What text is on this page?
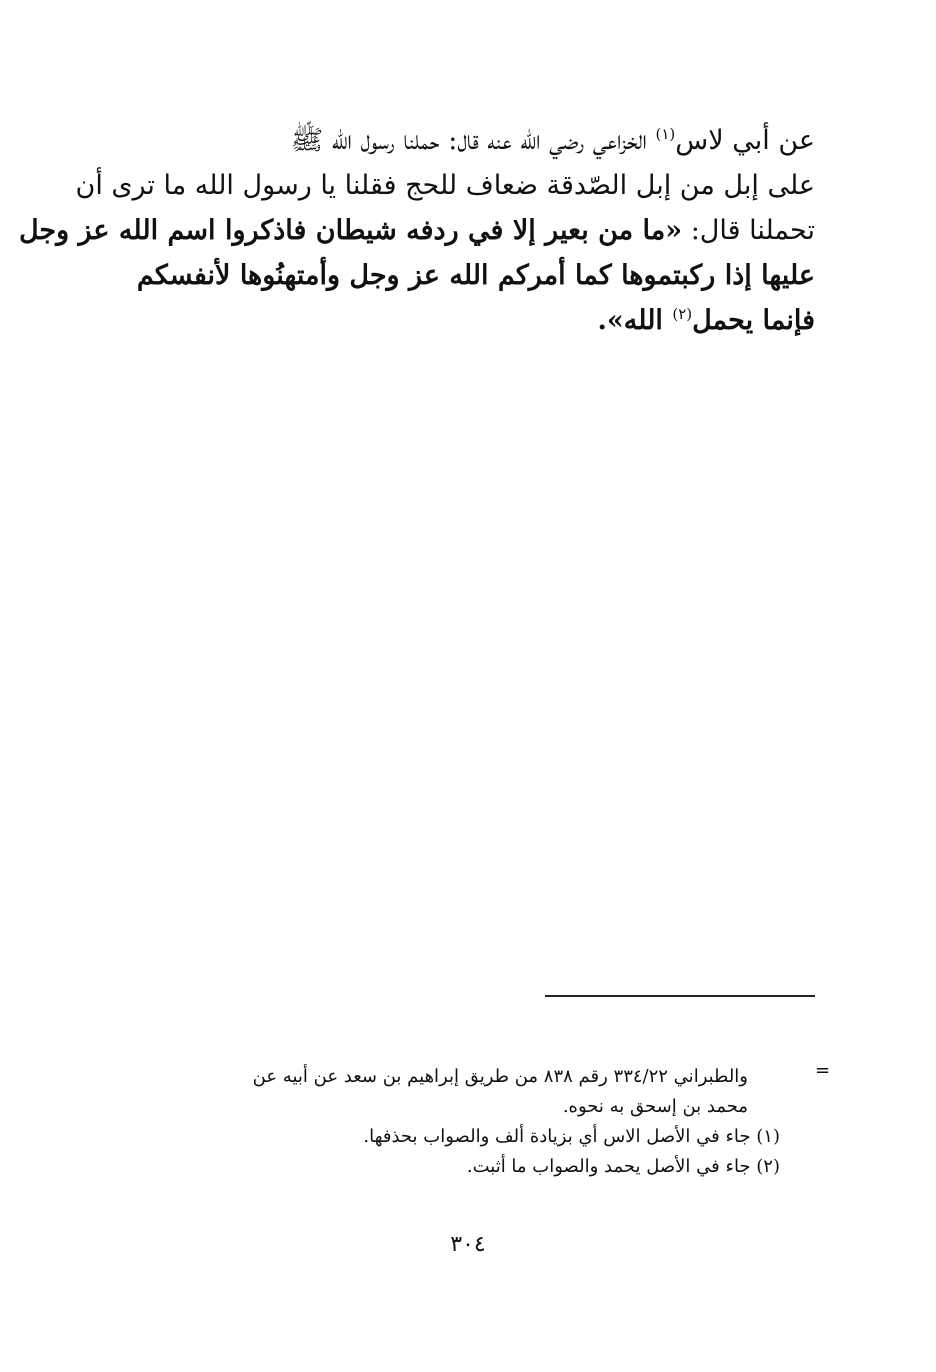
عن أبي لاس$^{(١)}$ الخزاعي رضي الله عنه قال: حملنا رسول الله ﷺ
على إبل من إبل الصّدقة ضعاف للحج فقلنا يا رسول الله ما ترى أن
تحملنا قال: «ما من بعير إلا في ردفه شيطان فاذكروا اسم الله عز وجل
عليها إذا ركبتموها كما أمركم الله عز وجل وأمتهنُوها لأنفسكم
فإنما يحمل$^{(٢)}$ الله».
=
والطبراني ٣٣٤/٢٢ رقم ٨٣٨ من طريق إبراهيم بن سعد عن أبيه عن
محمد بن إسحق به نحوه.
(١) جاء في الأصل الاس أي بزيادة ألف والصواب بحذفها.
(٢) جاء في الأصل يحمد والصواب ما أثبت.
٣٠٤
